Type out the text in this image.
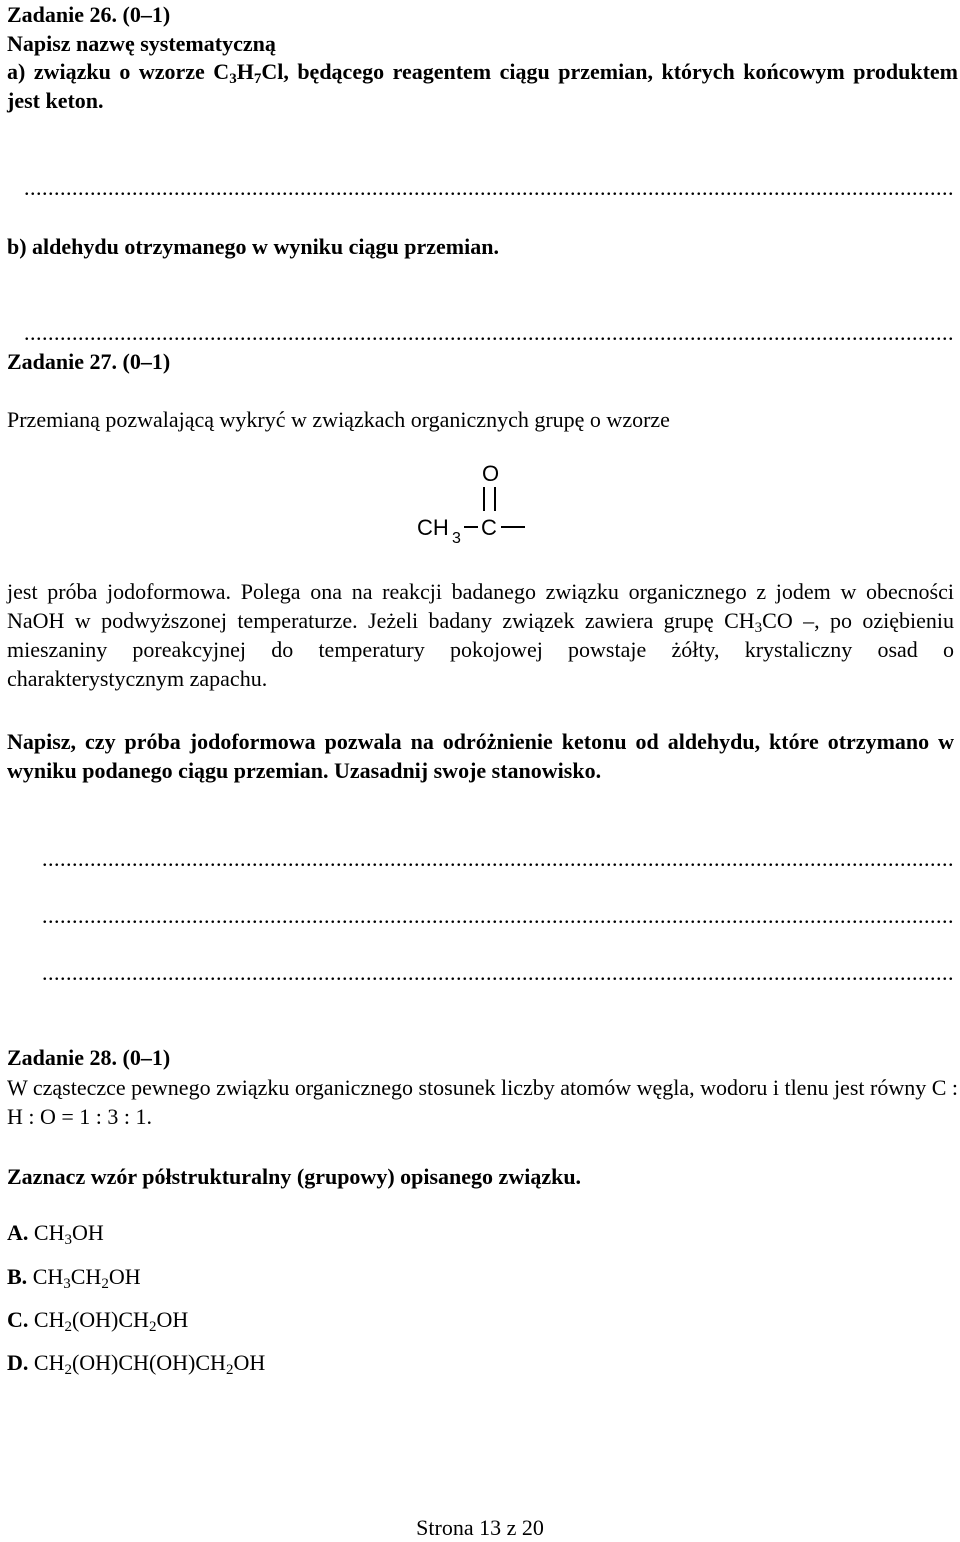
Zadanie 26. (0–1)
Napisz nazwę systematyczną
a) związku o wzorze $C_3H_7Cl$, będącego reagentem ciągu przemian, których końcowym produktem jest keton.
...........................................................................................................................................................
b) aldehydu otrzymanego w wyniku ciągu przemian.
...........................................................................................................................................................
Zadanie 27. (0–1)
Przemianą pozwalającą wykryć w związkach organicznych grupę o wzorze
O
CH 3 C
jest próba jodoformowa. Polega ona na reakcji badanego związku organicznego z jodem w obecności NaOH w podwyższonej temperaturze. Jeżeli badany związek zawiera grupę $CH_3CO$ –, po oziębieniu mieszaniny poreakcyjnej do temperatury pokojowej powstaje żółty, krystaliczny osad o charakterystycznym zapachu.
Napisz, czy próba jodoformowa pozwala na odróżnienie ketonu od aldehydu, które otrzymano w wyniku podanego ciągu przemian. Uzasadnij swoje stanowisko.
........................................................................................................................................................
........................................................................................................................................................
........................................................................................................................................................
Zadanie 28. (0–1)
W cząsteczce pewnego związku organicznego stosunek liczby atomów węgla, wodoru i tlenu jest równy C : H : O = 1 : 3 : 1.
Zaznacz wzór półstrukturalny (grupowy) opisanego związku.
A. $CH_3OH$
B. $CH_3CH_2OH$
C. $CH_2(OH)CH_2OH$
D. $CH_2(OH)CH(OH)CH_2OH$
Strona 13 z 20
